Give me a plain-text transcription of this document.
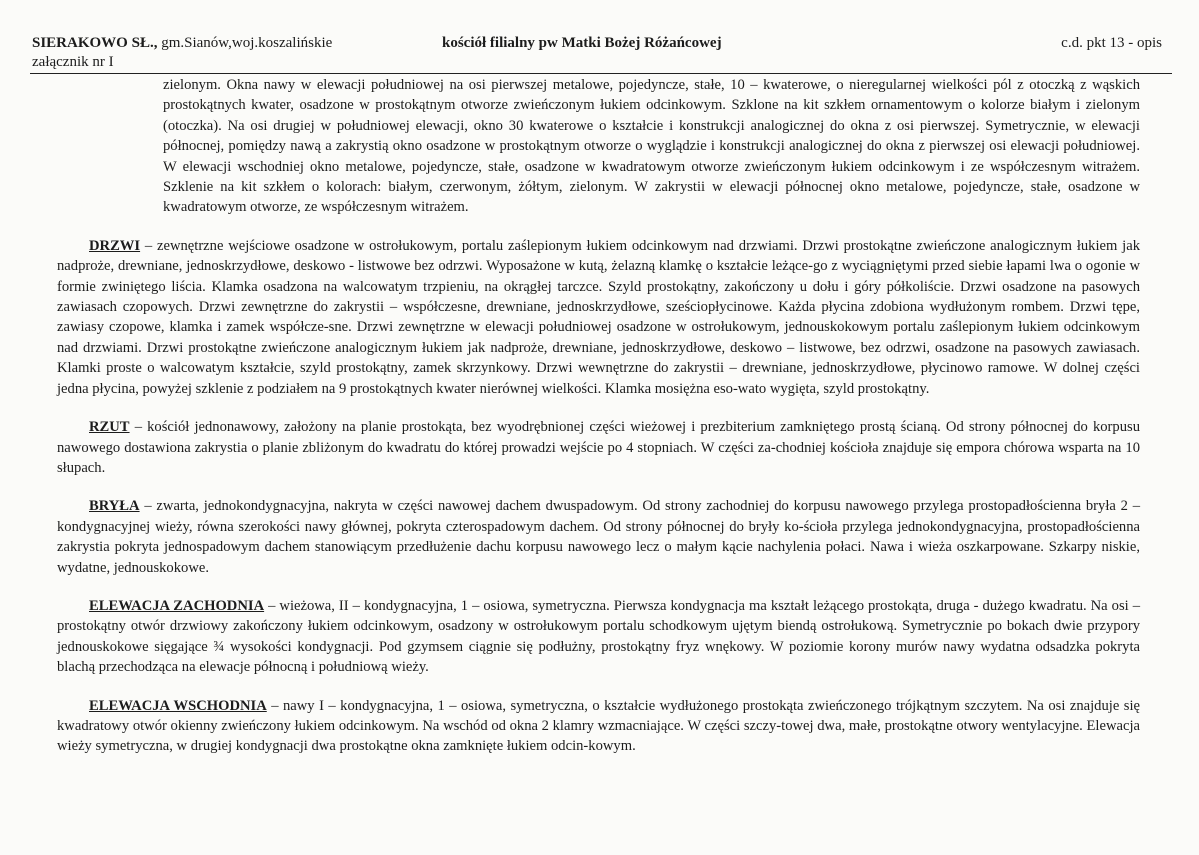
SIERAKOWO SŁ., gm.Sianów,woj.koszalińskie	kościół filialny pw Matki Bożej Różańcowej	c.d. pkt 13 - opis
załącznik nr I

zielonym. Okna nawy w elewacji południowej na osi pierwszej metalowe, pojedyncze, stałe, 10 – kwaterowe, o nieregularnej wielkości pól z otoczką z wąskich prostokątnych kwater, osadzone w prostokątnym otworze zwieńczonym łukiem odcinkowym. Szklone na kit szkłem ornamentowym o kolorze białym i zielonym (otoczka). Na osi drugiej w południowej elewacji, okno 30 kwaterowe o kształcie i konstrukcji analogicznej do okna z osi pierwszej. Symetrycznie, w elewacji północnej, pomiędzy nawą a zakrystią okno osadzone w prostokątnym otworze o wyglądzie i konstrukcji analogicznej do okna z pierwszej osi elewacji południowej. W elewacji wschodniej okno metalowe, pojedyncze, stałe, osadzone w kwadratowym otworze zwieńczonym łukiem odcinkowym i ze współczesnym witrażem. Szklenie na kit szkłem o kolorach: białym, czerwonym, żółtym, zielonym. W zakrystii w elewacji północnej okno metalowe, pojedyncze, stałe, osadzone w kwadratowym otworze, ze współczesnym witrażem.

DRZWI – zewnętrzne wejściowe osadzone w ostrołukowym, portalu zaślepionym łukiem odcinkowym nad drzwiami. Drzwi prostokątne zwieńczone analogicznym łukiem jak nadproże, drewniane, jednoskrzydłowe, deskowo - listwowe bez odrzwi. Wyposażone w kutą, żelazną klamkę o kształcie leżące-go z wyciągniętymi przed siebie łapami lwa o ogonie w formie zwiniętego liścia. Klamka osadzona na walcowatym trzpieniu, na okrągłej tarczce. Szyld prostokątny, zakończony u dołu i góry półkoliście. Drzwi osadzone na pasowych zawiasach czopowych. Drzwi zewnętrzne do zakrystii – współczesne, drewniane, jednoskrzydłowe, sześciopłycinowe. Każda płycina zdobiona wydłużonym rombem. Drzwi tępe, zawiasy czopowe, klamka i zamek współcze-sne. Drzwi zewnętrzne w elewacji południowej osadzone w ostrołukowym, jednouskokowym portalu zaślepionym łukiem odcinkowym nad drzwiami. Drzwi prostokątne zwieńczone analogicznym łukiem jak nadproże, drewniane, jednoskrzydłowe, deskowo – listwowe, bez odrzwi, osadzone na pasowych zawiasach. Klamki proste o walcowatym kształcie, szyld prostokątny, zamek skrzynkowy. Drzwi wewnętrzne do zakrystii – drewniane, jednoskrzydłowe, płycinowo ramowe. W dolnej części jedna płycina, powyżej szklenie z podziałem na 9 prostokątnych kwater nierównej wielkości. Klamka mosiężna eso-wato wygięta, szyld prostokątny.

RZUT – kościół jednonawowy, założony na planie prostokąta, bez wyodrębnionej części wieżowej i prezbiterium zamkniętego prostą ścianą. Od strony północnej do korpusu nawowego dostawiona zakrystia o planie zbliżonym do kwadratu do której prowadzi wejście po 4 stopniach. W części za-chodniej kościoła znajduje się empora chórowa wsparta na 10 słupach.

BRYŁA – zwarta, jednokondygnacyjna, nakryta w części nawowej dachem dwuspadowym. Od strony zachodniej do korpusu nawowego przylega prostopadłościenna bryła 2 – kondygnacyjnej wieży, równa szerokości nawy głównej, pokryta czterospadowym dachem. Od strony północnej do bryły ko-ścioła przylega jednokondygnacyjna, prostopadłościenna zakrystia pokryta jednospadowym dachem stanowiącym przedłużenie dachu korpusu nawowego lecz o małym kącie nachylenia połaci. Nawa i wieża oszkarpowane. Szkarpy niskie, wydatne, jednouskokowe.

ELEWACJA ZACHODNIA – wieżowa, II – kondygnacyjna, 1 – osiowa, symetryczna. Pierwsza kondygnacja ma kształt leżącego prostokąta, druga - dużego kwadratu. Na osi – prostokątny otwór drzwiowy zakończony łukiem odcinkowym, osadzony w ostrołukowym portalu schodkowym ujętym biendą ostrołukową. Symetrycznie po bokach dwie przypory jednouskokowe sięgające ¾ wysokości kondygnacji. Pod gzymsem ciągnie się podłużny, prostokątny fryz wnękowy. W poziomie korony murów nawy wydatna odsadzka pokryta blachą przechodząca na elewacje północną i południową wieży.

ELEWACJA WSCHODNIA – nawy I – kondygnacyjna, 1 – osiowa, symetryczna, o kształcie wydłużonego prostokąta zwieńczonego trójkątnym szczytem. Na osi znajduje się kwadratowy otwór okienny zwieńczony łukiem odcinkowym. Na wschód od okna 2 klamry wzmacniające. W części szczy-towej dwa, małe, prostokątne otwory wentylacyjne. Elewacja wieży symetryczna, w drugiej kondygnacji dwa prostokątne okna zamknięte łukiem odcin-kowym.
